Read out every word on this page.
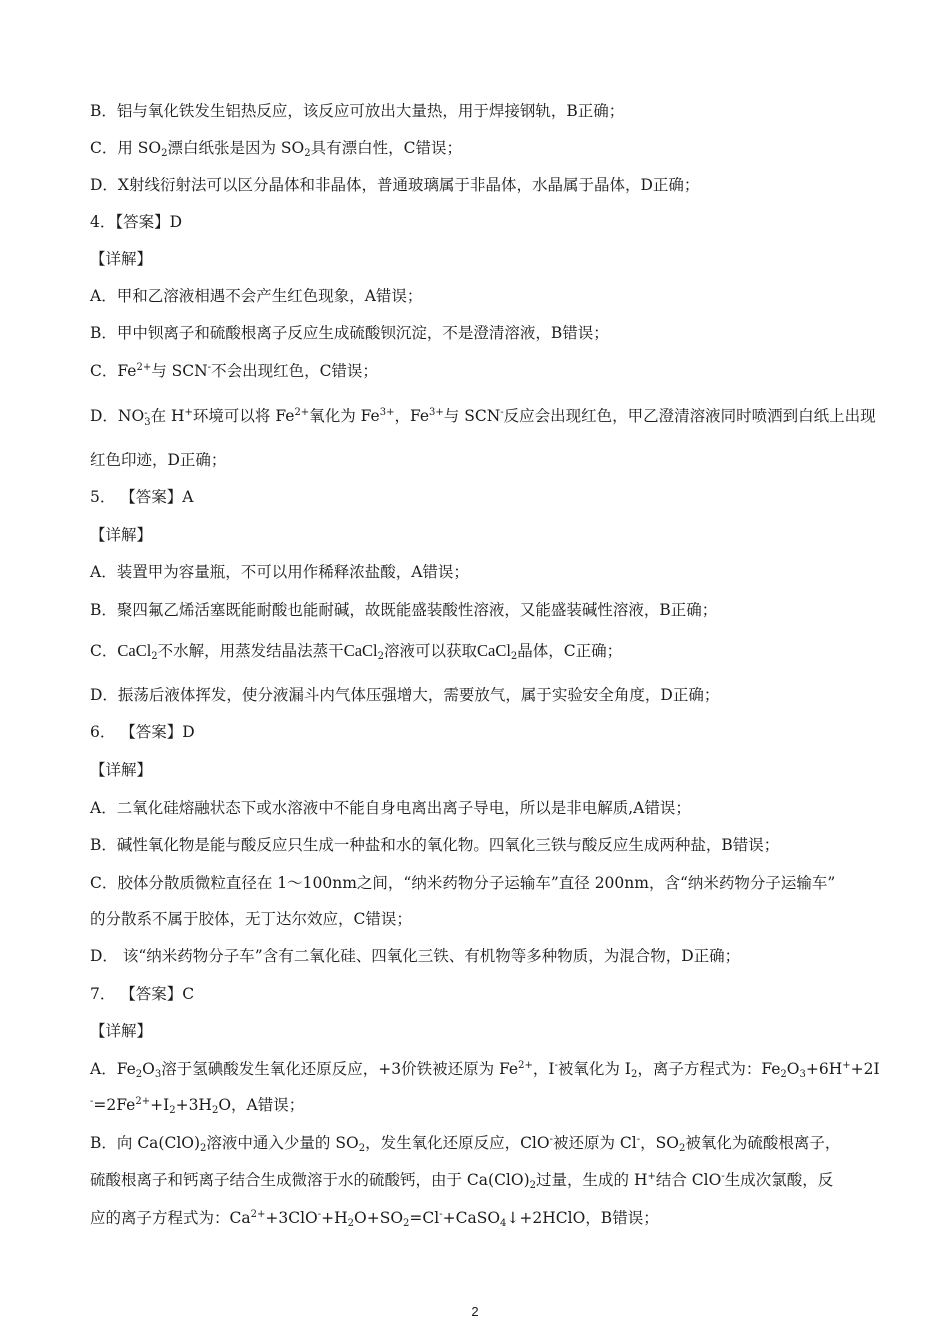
B．铝与氧化铁发生铝热反应，该反应可放出大量热，用于焊接钢轨，B正确；
C．用 $SO_2$漂白纸张是因为 $SO_2$具有漂白性，C错误；
D．X射线衍射法可以区分晶体和非晶体，普通玻璃属于非晶体，水晶属于晶体，D正确；
4．【答案】D
【详解】
A．甲和乙溶液相遇不会产生红色现象，A错误；
B．甲中钡离子和硫酸根离子反应生成硫酸钡沉淀，不是澄清溶液，B错误；
C．$Fe^{2+}$与 SCN-不会出现红色，C错误；
D．NO -
3 在 H+环境可以将 $Fe^{2+}$氧化为 $Fe^{3+}$，$Fe^{3+}$与 SCN-反应会出现红色，甲乙澄清溶液同时喷洒到白纸上出现
红色印迹，D正确；
5． 【答案】A
【详解】
A．装置甲为容量瓶，不可以用作稀释浓盐酸，A错误；
B．聚四氟乙烯活塞既能耐酸也能耐碱，故既能盛装酸性溶液，又能盛装碱性溶液，B正确；
C．CaCl$_2$不水解，用蒸发结晶法蒸干CaCl$_2$溶液可以获取CaCl$_2$晶体，C正确；
D．振荡后液体挥发，使分液漏斗内气体压强增大，需要放气，属于实验安全角度，D正确；
6． 【答案】D
【详解】
A．二氧化硅熔融状态下或水溶液中不能自身电离出离子导电，所以是非电解质,A错误；
B．碱性氧化物是能与酸反应只生成一种盐和水的氧化物。四氧化三铁与酸反应生成两种盐，B错误；
C．胶体分散质微粒直径在 1～100nm之间，“纳米药物分子运输车”直径 200nm，含“纳米药物分子运输车”
的分散系不属于胶体，无丁达尔效应，C错误；
D． 该“纳米药物分子车”含有二氧化硅、四氧化三铁、有机物等多种物质，为混合物，D正确；
7． 【答案】C
【详解】
A．$Fe_2O_3$溶于氢碘酸发生氧化还原反应，+3价铁被还原为 $Fe^{2+}$，I-被氧化为 $I_2$，离子方程式为：$Fe_2O_3+6H^++2I$
$^-=2Fe^{2+}+I_2+3H_2O$，A错误；
B．向 $Ca(ClO)_2$溶液中通入少量的 $SO_2$，发生氧化还原反应，ClO-被还原为 Cl-，$SO_2$被氧化为硫酸根离子，
硫酸根离子和钙离子结合生成微溶于水的硫酸钙，由于 $Ca(ClO)_2$过量，生成的 H+结合 ClO-生成次氯酸，反
应的离子方程式为：$Ca^{2+}+3ClO^-+H_2O+SO_2=Cl^-+CaSO_4↓+2HClO$，B错误；
2
